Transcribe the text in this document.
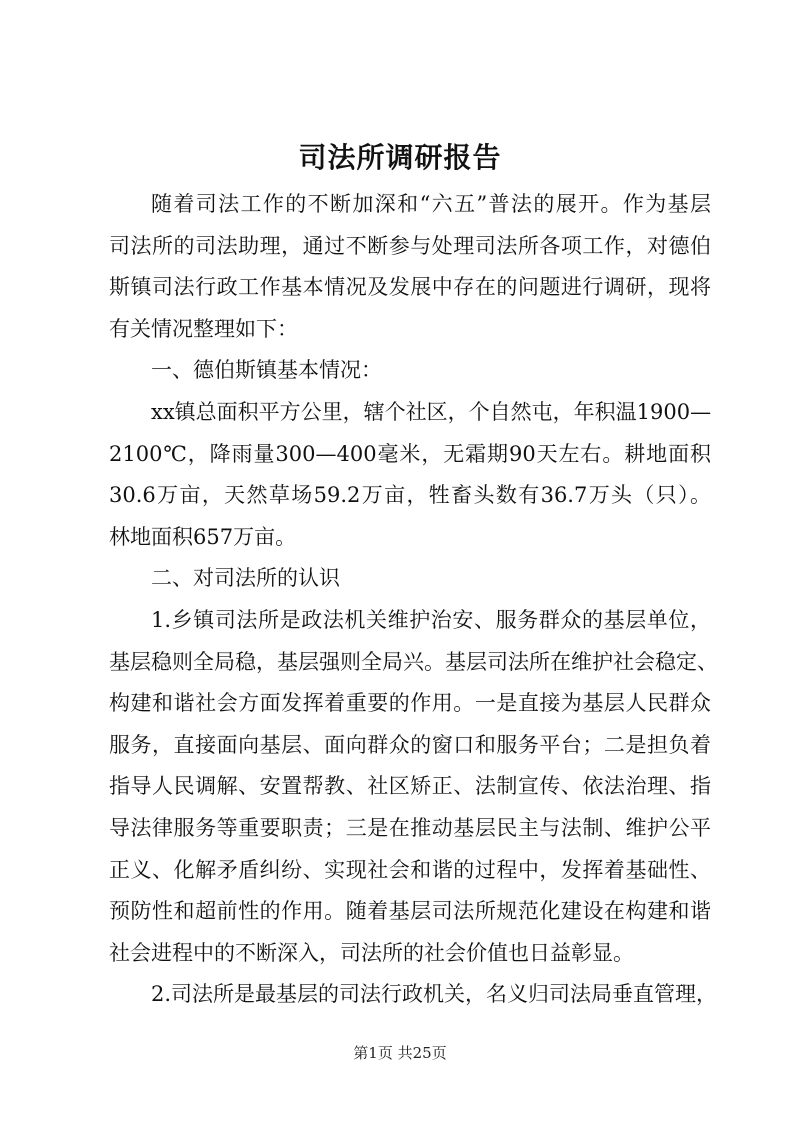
司法所调研报告
随着司法工作的不断加深和“六五”普法的展开。作为基层
司法所的司法助理，通过不断参与处理司法所各项工作，对德伯
斯镇司法行政工作基本情况及发展中存在的问题进行调研，现将
有关情况整理如下：
一、德伯斯镇基本情况：
xx镇总面积平方公里，辖个社区，个自然屯，年积温1900—
2100℃，降雨量300—400毫米，无霜期90天左右。耕地面积
30.6万亩，天然草场59.2万亩，牲畜头数有36.7万头（只）。
林地面积657万亩。
二、对司法所的认识
1.乡镇司法所是政法机关维护治安、服务群众的基层单位，
基层稳则全局稳，基层强则全局兴。基层司法所在维护社会稳定、
构建和谐社会方面发挥着重要的作用。一是直接为基层人民群众
服务，直接面向基层、面向群众的窗口和服务平台；二是担负着
指导人民调解、安置帮教、社区矫正、法制宣传、依法治理、指
导法律服务等重要职责；三是在推动基层民主与法制、维护公平
正义、化解矛盾纠纷、实现社会和谐的过程中，发挥着基础性、
预防性和超前性的作用。随着基层司法所规范化建设在构建和谐
社会进程中的不断深入，司法所的社会价值也日益彰显。
2.司法所是最基层的司法行政机关，名义归司法局垂直管理，
第1页 共25页
